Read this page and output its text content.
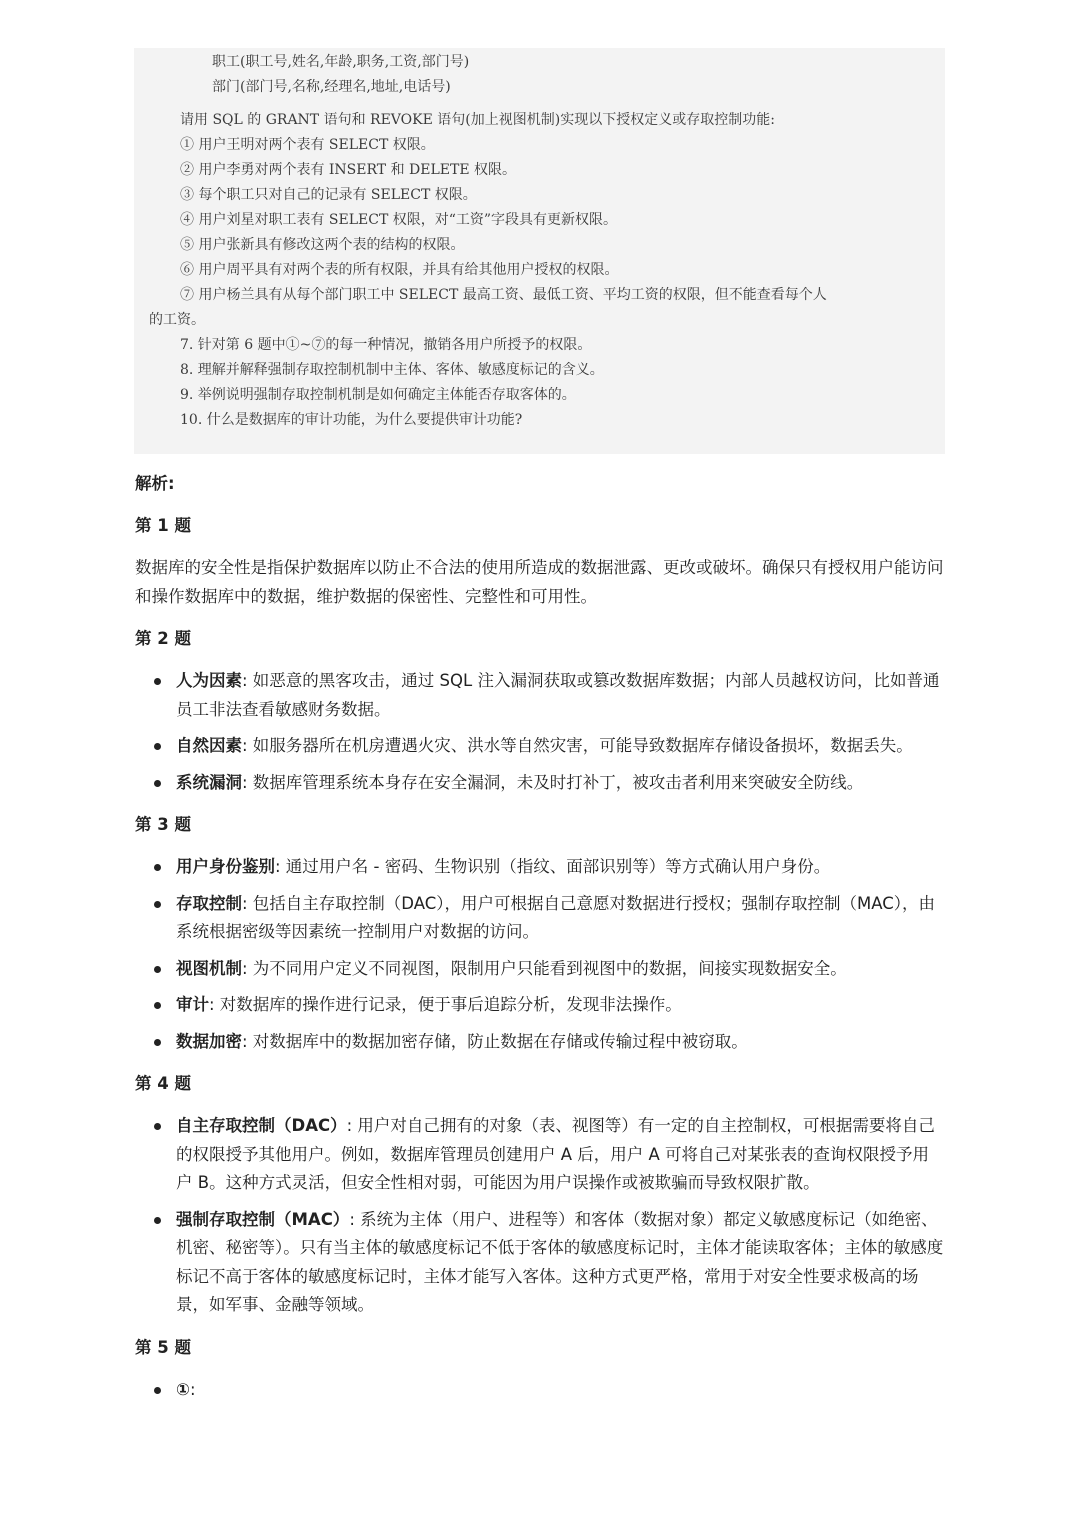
职工(职工号,姓名,年龄,职务,工资,部门号)
部门(部门号,名称,经理名,地址,电话号)
请用 SQL 的 GRANT 语句和 REVOKE 语句(加上视图机制)实现以下授权定义或存取控制功能:
① 用户王明对两个表有 SELECT 权限。
② 用户李勇对两个表有 INSERT 和 DELETE 权限。
③ 每个职工只对自己的记录有 SELECT 权限。
④ 用户刘星对职工表有 SELECT 权限，对“工资”字段具有更新权限。
⑤ 用户张新具有修改这两个表的结构的权限。
⑥ 用户周平具有对两个表的所有权限，并具有给其他用户授权的权限。
⑦ 用户杨兰具有从每个部门职工中 SELECT 最高工资、最低工资、平均工资的权限，但不能查看每个人
的工资。
7. 针对第 6 题中①~⑦的每一种情况，撤销各用户所授予的权限。
8. 理解并解释强制存取控制机制中主体、客体、敏感度标记的含义。
9. 举例说明强制存取控制机制是如何确定主体能否存取客体的。
10. 什么是数据库的审计功能，为什么要提供审计功能?
解析:
第 1 题

数据库的安全性是指保护数据库以防止不合法的使用所造成的数据泄露、更改或破坏。确保只有授权用户能访问和操作数据库中的数据，维护数据的保密性、完整性和可用性。

第 2 题
人为因素: 如恶意的黑客攻击，通过 SQL 注入漏洞获取或篡改数据库数据；内部人员越权访问，比如普通员工非法查看敏感财务数据。
自然因素: 如服务器所在机房遭遇火灾、洪水等自然灾害，可能导致数据库存储设备损坏，数据丢失。
系统漏洞: 数据库管理系统本身存在安全漏洞，未及时打补丁，被攻击者利用来突破安全防线。
第 3 题
用户身份鉴别: 通过用户名 - 密码、生物识别（指纹、面部识别等）等方式确认用户身份。
存取控制: 包括自主存取控制（DAC），用户可根据自己意愿对数据进行授权；强制存取控制（MAC），由系统根据密级等因素统一控制用户对数据的访问。
视图机制: 为不同用户定义不同视图，限制用户只能看到视图中的数据，间接实现数据安全。
审计: 对数据库的操作进行记录，便于事后追踪分析，发现非法操作。
数据加密: 对数据库中的数据加密存储，防止数据在存储或传输过程中被窃取。
第 4 题
自主存取控制（DAC）: 用户对自己拥有的对象（表、视图等）有一定的自主控制权，可根据需要将自己的权限授予其他用户。例如，数据库管理员创建用户 A 后，用户 A 可将自己对某张表的查询权限授予用户 B。这种方式灵活，但安全性相对弱，可能因为用户误操作或被欺骗而导致权限扩散。
强制存取控制（MAC）: 系统为主体（用户、进程等）和客体（数据对象）都定义敏感度标记（如绝密、机密、秘密等）。只有当主体的敏感度标记不低于客体的敏感度标记时，主体才能读取客体；主体的敏感度标记不高于客体的敏感度标记时，主体才能写入客体。这种方式更严格，常用于对安全性要求极高的场景，如军事、金融等领域。
第 5 题
①:
